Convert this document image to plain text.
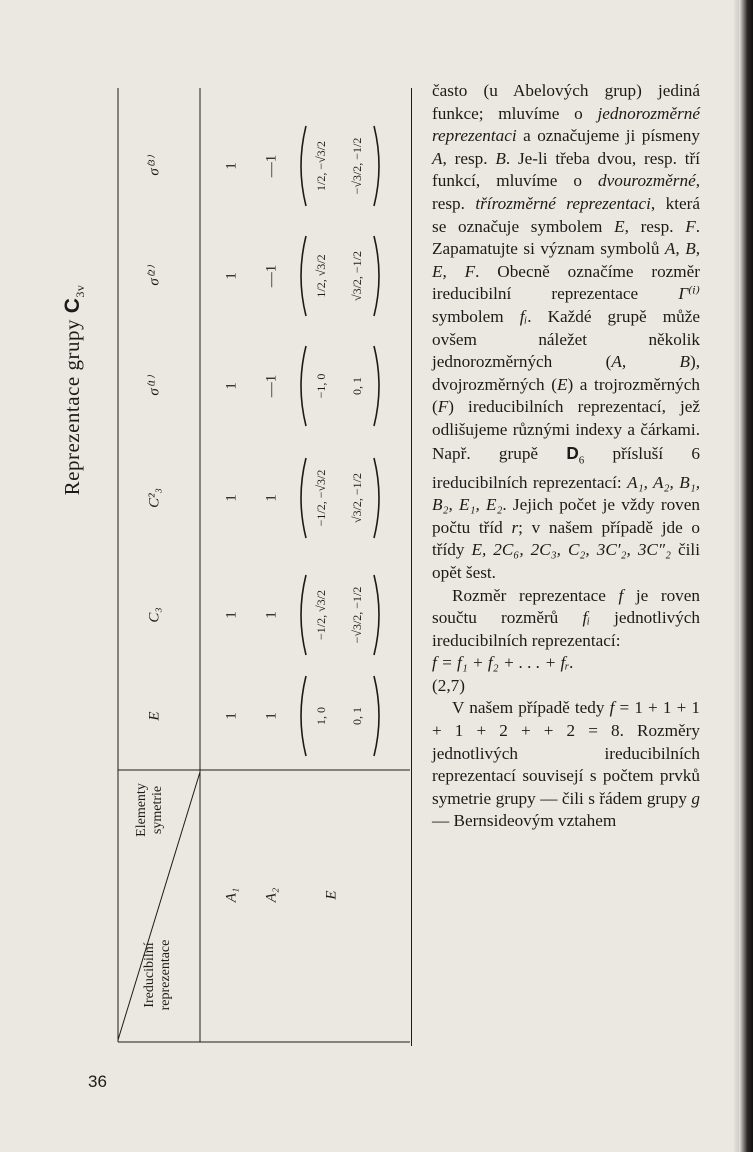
Elementy symetrie
Ireducibilní reprezentace
E
C₃
C²₃
σ⁽¹⁾
σ⁽²⁾
σ⁽³⁾
A₁ A₂	E
1
1
1
1
1
1
1
1
1
—1
—1
—1
1, 0 0, 1
−1/2, √3/2 −√3/2, −1/2
−1/2, −√3/2 √3/2, −1/2
−1, 0 0, 1
1/2, √3/2 √3/2, −1/2
1/2, −√3/2 −√3/2, −1/2
Reprezentace grupy $C_{3v}$

často (u Abelových grup) jediná funkce; mluvíme o jednorozměrné reprezentaci a označujeme ji písmeny A, resp. B. Je-li třeba dvou, resp. tří funkcí, mluvíme o dvourozměrné, resp. třírozměrné reprezentaci, která se označuje symbolem E, resp. F. Zapamatujte si význam symbolů A, B, E, F. Obecně označíme rozměr ireducibilní reprezentace Γ⁽ⁱ⁾ symbolem fᵢ. Každé grupě může ovšem náležet několik jednorozměrných (A, B), dvojrozměrných (E) a trojrozměrných (F) ireducibilních reprezentací, jež odlišujeme různými indexy a čárkami. Např. grupě $D_6$ přísluší 6 ireducibilních reprezentací: A₁, A₂, B₁, B₂, E₁, E₂. Jejich počet je vždy roven počtu tříd r; v našem případě jde o třídy E, 2C₆, 2C₃, C₂, 3C′₂, 3C″₂ čili opět šest.

Rozměr reprezentace f je roven součtu rozměrů fᵢ jednotlivých ireducibilních reprezentací:

f = f₁ + f₂ + . . . + fᵣ.

(2,7)

V našem případě tedy f = 1 + 1 + 1 + 1 + 2 + + 2 = 8. Rozměry jednotlivých ireducibilních reprezentací souvisejí s počtem prvků symetrie grupy — čili s řádem grupy g — Bernsideovým vztahem

36
